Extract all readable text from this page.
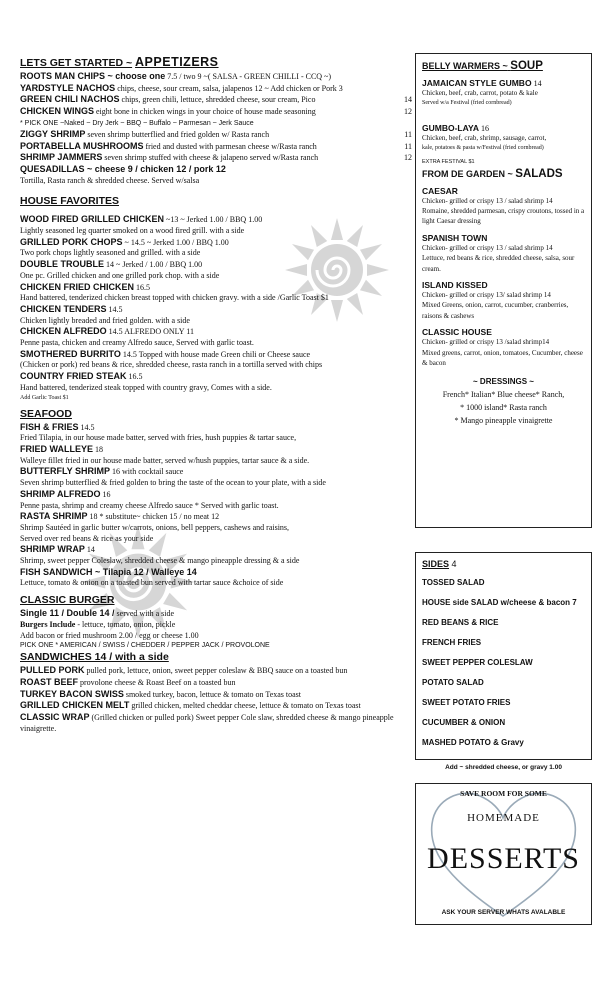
LETS GET STARTED ~ APPETIZERS
ROOTS MAN CHIPS ~ choose one 7.5 / two 9 ~( SALSA - GREEN CHILLI - CCQ ~)
YARDSTYLE NACHOS chips, cheese, sour cream, salsa, jalapenos 12 ~ Add chicken or Pork 3
GREEN CHILI NACHOS chips, green chili, lettuce, shredded cheese, sour cream, Pico	14
CHICKEN WINGS eight bone in chicken wings in your choice of house made seasoning	12
* PICK ONE ~Naked ~ Dry Jerk ~ BBQ ~ Buffalo ~ Parmesan ~ Jerk Sauce
ZIGGY SHRIMP seven shrimp butterflied and fried golden w/ Rasta ranch	11
PORTABELLA MUSHROOMS fried and dusted with parmesan cheese w/Rasta ranch	11
SHRIMP JAMMERS seven shrimp stuffed with cheese & jalapeno served w/Rasta ranch	12
QUESADILLAS ~ cheese 9 / chicken 12 / pork 12
Tortilla, Rasta ranch & shredded cheese. Served w/salsa
HOUSE FAVORITES
WOOD FIRED GRILLED CHICKEN ~13 ~ Jerked 1.00 / BBQ 1.00
Lightly seasoned leg quarter smoked on a wood fired grill. with a side
GRILLED PORK CHOPS ~ 14.5 ~ Jerked 1.00 / BBQ 1.00
Two pork chops lightly seasoned and grilled. with a side
DOUBLE TROUBLE 14 ~ Jerked / 1.00 / BBQ 1.00
One pc. Grilled chicken and one grilled pork chop. with a side
CHICKEN FRIED CHICKEN 16.5
Hand battered, tenderized chicken breast topped with chicken gravy. with a side /Garlic Toast $1
CHICKEN TENDERS 14.5
Chicken lightly breaded and fried golden. with a side
CHICKEN ALFREDO 14.5 ALFREDO ONLY 11
Penne pasta, chicken and creamy Alfredo sauce, Served with garlic toast.
SMOTHERED BURRITO 14.5 Topped with house made Green chili or Cheese sauce
(Chicken or pork) red beans & rice, shredded cheese, rasta ranch in a tortilla served with chips
COUNTRY FRIED STEAK 16.5
Hand battered, tenderized steak topped with country gravy, Comes with a side.
Add Garlic Toast $1
SEAFOOD
FISH & FRIES 14.5
Fried Tilapia, in our house made batter, served with fries, hush puppies & tartar sauce,
FRIED WALLEYE 18
Walleye fillet fried in our house made batter, served w/hush puppies, tartar sauce & a side.
BUTTERFLY SHRIMP 16 with cocktail sauce
Seven shrimp butterflied & fried golden to bring the taste of the ocean to your plate, with a side
SHRIMP ALFREDO 16
Penne pasta, shrimp and creamy cheese Alfredo sauce * Served with garlic toast.
RASTA SHRIMP 18 * substitute~ chicken 15 / no meat 12
Shrimp Sautéed in garlic butter w/carrots, onions, bell peppers, cashews and raisins,
Served over red beans & rice as your side
SHRIMP WRAP 14
Shrimp, sweet pepper Coleslaw, shredded cheese & mango pineapple dressing & a side
FISH SANDWICH ~ Tilapia 12 / Walleye 14
Lettuce, tomato & onion on a toasted bun served with tartar sauce &choice of side
CLASSIC BURGER
Single 11 / Double 14 / served with a side
Burgers Include - lettuce, tomato, onion, pickle
Add bacon or fried mushroom 2.00 / egg or cheese 1.00
PICK ONE * AMERICAN / SWISS / CHEDDER / PEPPER JACK / PROVOLONE
SANDWICHES 14 / with a side
PULLED PORK pulled pork, lettuce, onion, sweet pepper coleslaw & BBQ sauce on a toasted bun
ROAST BEEF provolone cheese & Roast Beef on a toasted bun
TURKEY BACON SWISS smoked turkey, bacon, lettuce & tomato on Texas toast
GRILLED CHICKEN MELT grilled chicken, melted cheddar cheese, lettuce & tomato on Texas toast
CLASSIC WRAP (Grilled chicken or pulled pork) Sweet pepper Cole slaw, shredded cheese & mango pineapple vinaigrette.
BELLY WARMERS ~ SOUP
JAMAICAN STYLE GUMBO 14
Chicken, beef, crab, carrot, potato & kale
Served w/a Festival (fried cornbread)
GUMBO-LAYA 16
Chicken, beef, crab, shrimp, sausage, carrot,
kale, potatoes & pasta w/Festival (fried cornbread)
EXTRA FESTIVAL $1
FROM DE GARDEN ~ SALADS
CAESAR
Chicken- grilled or crispy 13 / salad shrimp 14
Romaine, shredded parmesan, crispy croutons, tossed in a light Caesar dressing
SPANISH TOWN
Chicken- grilled or crispy 13 / salad shrimp 14
Lettuce, red beans & rice, shredded cheese, salsa, sour cream.
ISLAND KISSED
Chicken- grilled or crispy 13/ salad shrimp 14
Mixed Greens, onion, carrot, cucumber, cranberries, raisons & cashews
CLASSIC HOUSE
Chicken- grilled or crispy 13 /salad shrimp14
Mixed greens, carrot, onion, tomatoes, Cucumber, cheese & bacon
~ DRESSINGS ~
French* Italian* Blue cheese* Ranch,
* 1000 island* Rasta ranch
* Mango pineapple vinaigrette
SIDES 4
TOSSED SALAD
HOUSE side SALAD w/cheese & bacon 7
RED BEANS & RICE
FRENCH FRIES
SWEET PEPPER COLESLAW
POTATO SALAD
SWEET POTATO FRIES
CUCUMBER & ONION
MASHED POTATO & Gravy
Add ~ shredded cheese, or gravy 1.00
SAVE ROOM FOR SOME
HOMEMADE
DESSERTS
ASK YOUR SERVER WHATS AVALABLE
